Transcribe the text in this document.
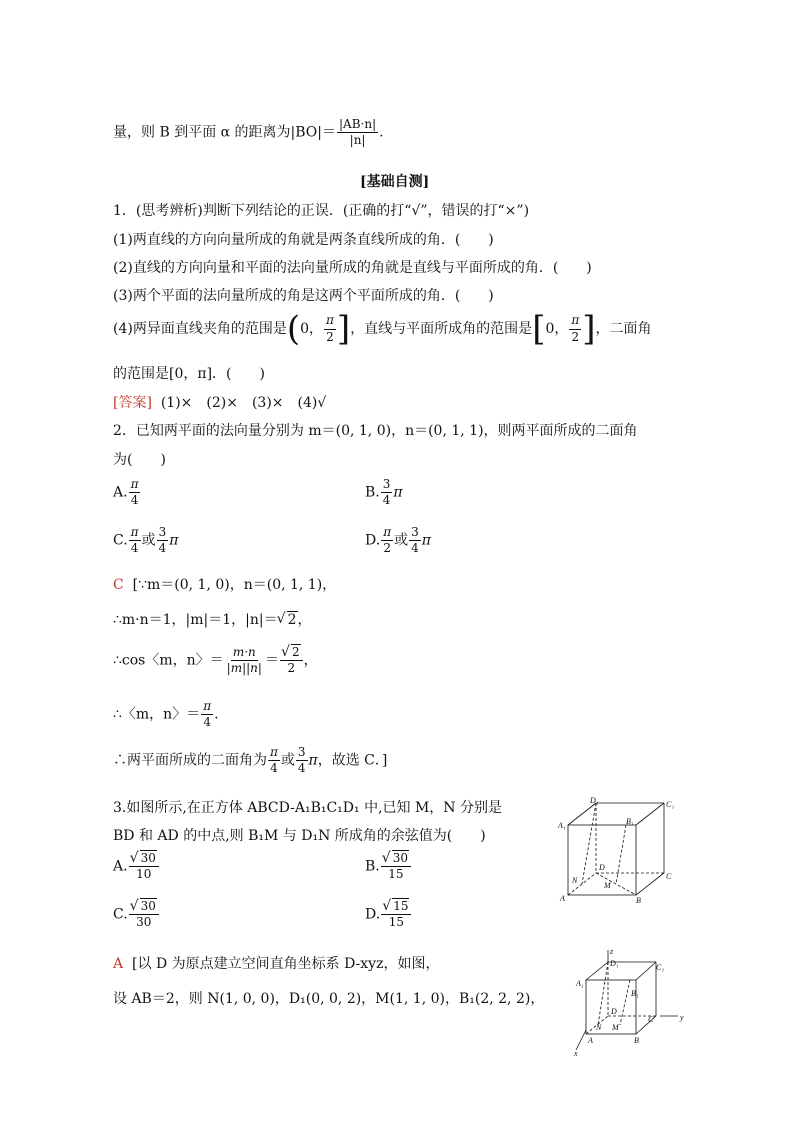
量，则 B 到平面 α 的距离为$|BO|= \frac{|AB\cdot n|}{|n|}$ .
[基础自测]
1．(思考辨析)判断下列结论的正误．(正确的打“√”，错误的打“×”)
(1)两直线的方向向量所成的角就是两条直线所成的角．(　　)
(2)直线的方向向量和平面的法向量所成的角就是直线与平面所成的角．(　　)
(3)两个平面的法向量所成的角是这两个平面所成的角．(　　)
(4)两异面直线夹角的范围是(0， $\frac{\pi}{2}$ ]，直线与平面所成角的范围是[0， $\frac{\pi}{2}$ ]，二面角
的范围是[0，π]．(　　)
[答案] (1)×　(2)×　(3)×　(4)√
2．已知两平面的法向量分别为 m＝(0, 1, 0)，n＝(0, 1, 1)，则两平面所成的二面角
为(　　)
A. $\frac{\pi}{4}$	B. $\frac{3}{4}$ π
C. $\frac{\pi}{4}$ 或 $\frac{3}{4}$ π	D. $\frac{\pi}{2}$ 或 $\frac{3}{4}$ π
C [∵m＝(0, 1, 0)，n＝(0, 1, 1)，
∴m·n＝1，|m|＝1，|n|＝ √ 2，
∴cos〈m，n〉＝ $\frac{m\cdot n}{|m||n|}$ ＝ √ $\frac{2}{2}$ ，
∴〈m，n〉＝ $\frac{\pi}{4}$ .
∴两平面所成的二面角为 $\frac{\pi}{4}$ 或 $\frac{3}{4}$ π，故选 C．]
3.如图所示,在正方体 ABCD-A₁B₁C₁D₁ 中,已知 M，N 分别是
BD 和 AD 的中点,则 B₁M 与 D₁N 所成角的余弦值为(　　)
A. √ $\frac{30}{10}$	B. √ $\frac{30}{15}$
C. √ $\frac{30}{30}$	D. √ $\frac{15}{15}$
A [以 D 为原点建立空间直角坐标系 D-xyz，如图，
设 AB＝2，则 N(1, 0, 0)，D₁(0, 0, 2)，M(1, 1, 0)，B₁(2, 2, 2)，
D₁	C₁
A₁	B₁
D
C
N
M
A	B
z
D₁	C₁
A₁
B₁
D
C	y
N M
A	B
x
